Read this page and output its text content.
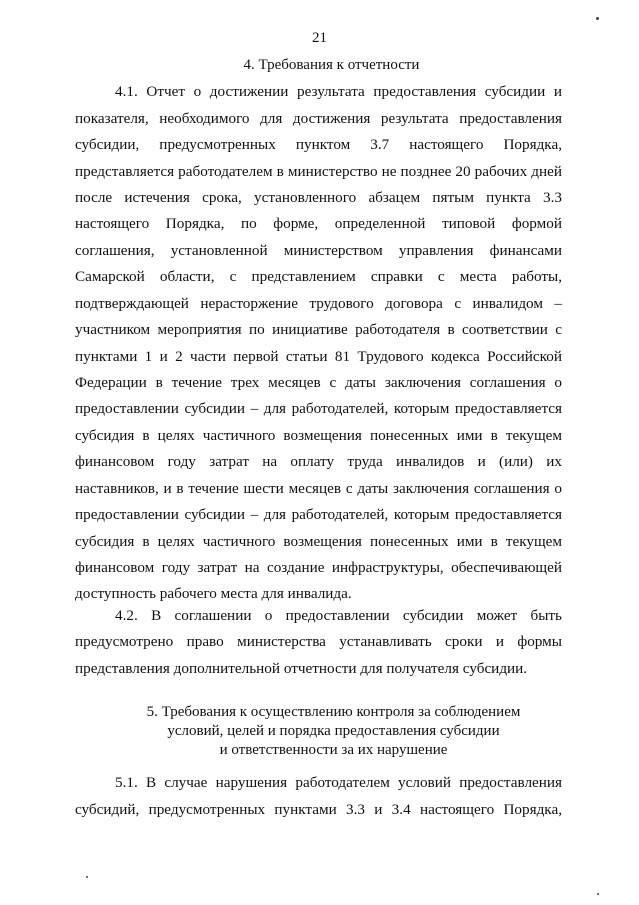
21
4. Требования к отчетности
4.1. Отчет о достижении результата предоставления субсидии и
показателя, необходимого для достижения результата предоставления
субсидии, предусмотренных пунктом 3.7 настоящего Порядка,
представляется работодателем в министерство не позднее 20 рабочих дней
после истечения срока, установленного абзацем пятым пункта 3.3
настоящего Порядка, по форме, определенной типовой формой
соглашения, установленной министерством управления финансами
Самарской области, с представлением справки с места работы,
подтверждающей нерасторжение трудового договора с инвалидом –
участником мероприятия по инициативе работодателя в соответствии с
пунктами 1 и 2 части первой статьи 81 Трудового кодекса Российской
Федерации в течение трех месяцев с даты заключения соглашения о
предоставлении субсидии – для работодателей, которым предоставляется
субсидия в целях частичного возмещения понесенных ими в текущем
финансовом году затрат на оплату труда инвалидов и (или) их
наставников, и в течение шести месяцев с даты заключения соглашения о
предоставлении субсидии – для работодателей, которым предоставляется
субсидия в целях частичного возмещения понесенных ими в текущем
финансовом году затрат на создание инфраструктуры, обеспечивающей
доступность рабочего места для инвалида.
4.2. В соглашении о предоставлении субсидии может быть
предусмотрено право министерства устанавливать сроки и формы
представления дополнительной отчетности для получателя субсидии.
5. Требования к осуществлению контроля за соблюдением
условий, целей и порядка предоставления субсидии
и ответственности за их нарушение
5.1. В случае нарушения работодателем условий предоставления
субсидий, предусмотренных пунктами 3.3 и 3.4 настоящего Порядка,
